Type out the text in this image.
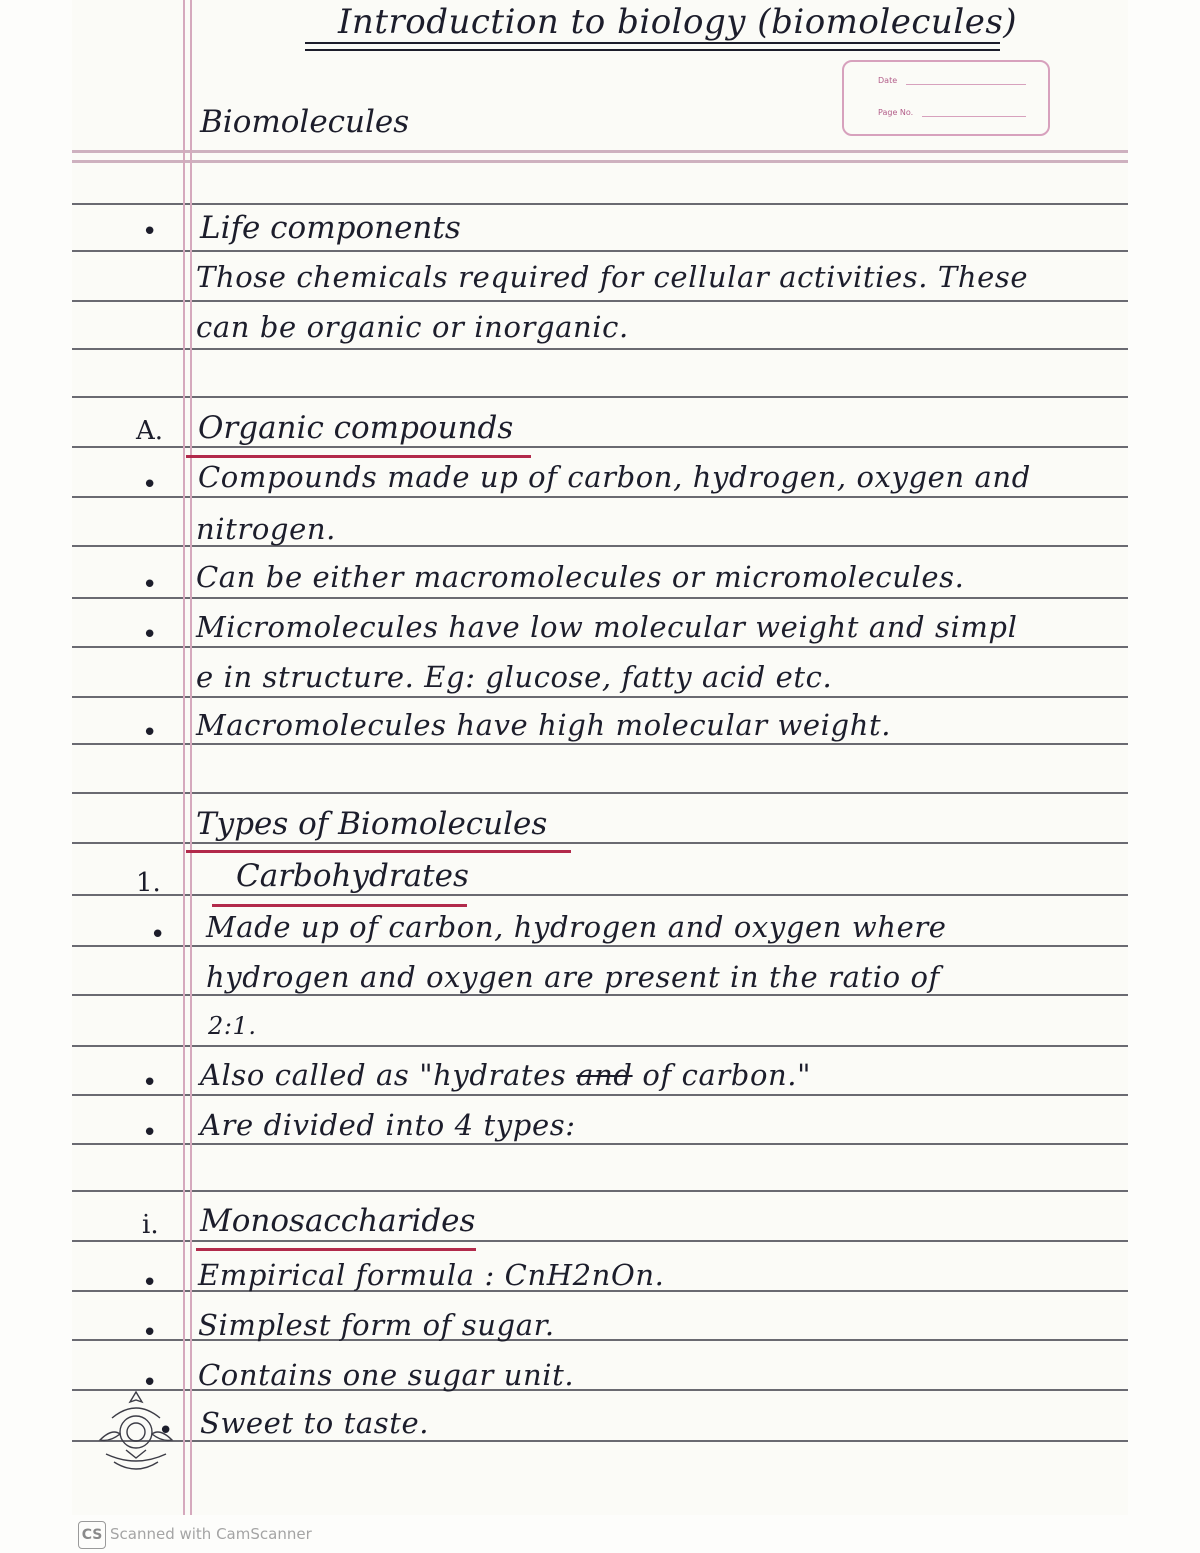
Date
Page No.
Introduction to biology (biomolecules)
Biomolecules
• Life components
Those chemicals required for cellular activities. These
can be organic or inorganic.
A. Organic compounds
• Compounds made up of carbon, hydrogen, oxygen and
nitrogen.
• Can be either macromolecules or micromolecules.
• Micromolecules have low molecular weight and simpl
e in structure. Eg: glucose, fatty acid etc.
• Macromolecules have high molecular weight.
Types of Biomolecules
1. Carbohydrates
• Made up of carbon, hydrogen and oxygen where
hydrogen and oxygen are present in the ratio of
2:1.
• Also called as "hydrates and of carbon."
• Are divided into 4 types:
i. Monosaccharides
• Empirical formula : CnH2nOn.
• Simplest form of sugar.
• Contains one sugar unit.
• Sweet to taste.
CS Scanned with CamScanner
